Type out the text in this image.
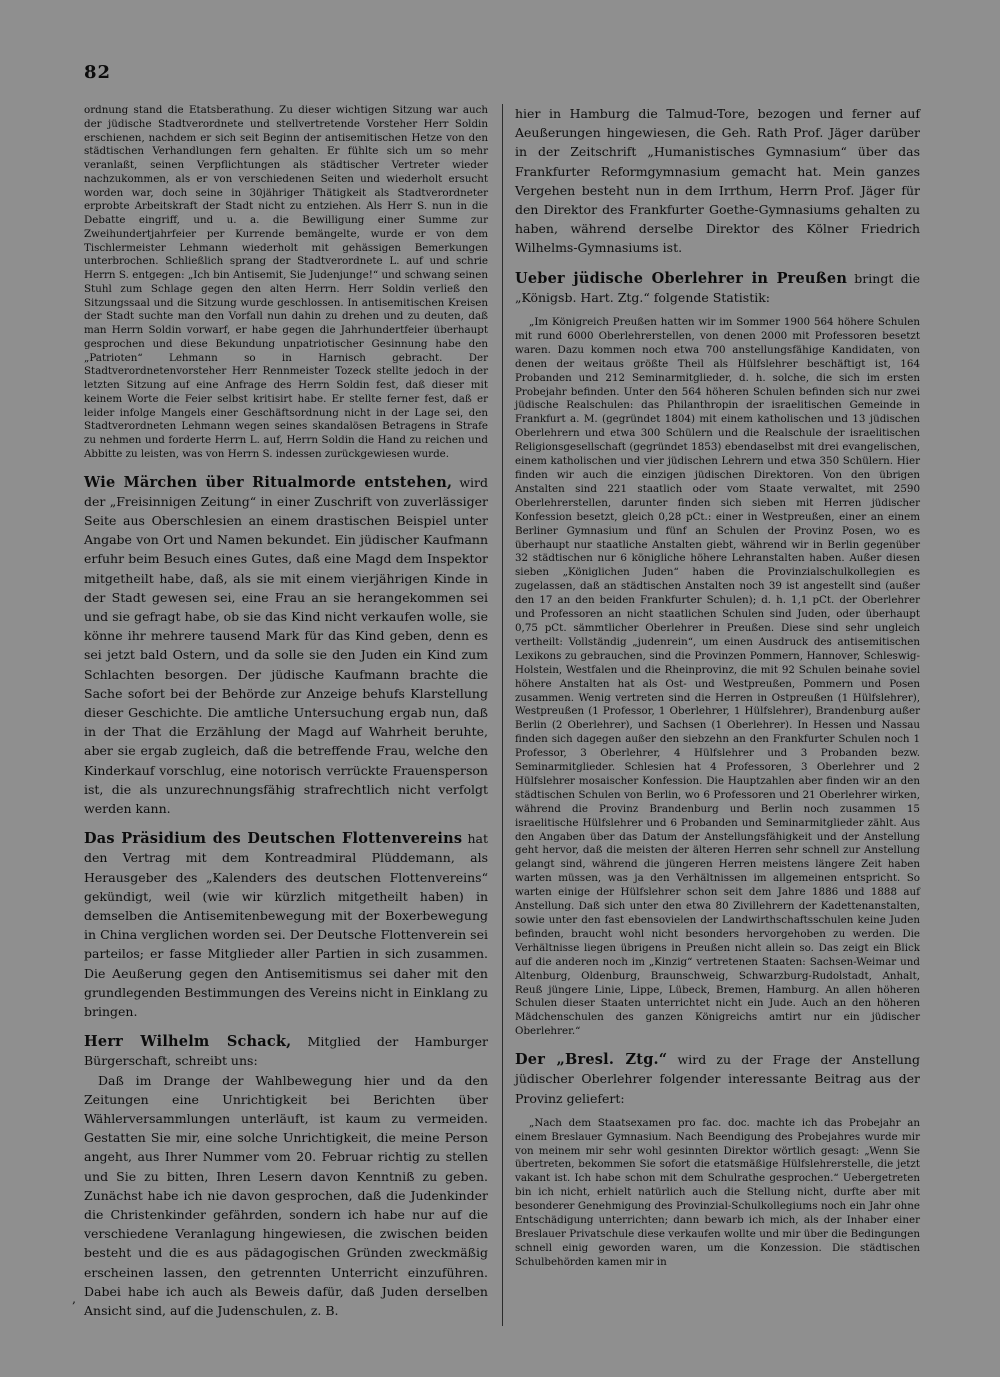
82

ordnung stand die Etatsberathung. Zu dieser wichtigen Sitzung war auch der jüdische Stadtverordnete und stellvertretende Vorsteher Herr Soldin erschienen, nachdem er sich seit Beginn der antisemitischen Hetze von den städtischen Verhandlungen fern gehalten. Er fühlte sich um so mehr veranlaßt, seinen Verpflichtungen als städtischer Vertreter wieder nachzukommen, als er von verschiedenen Seiten und wiederholt ersucht worden war, doch seine in 30jähriger Thätigkeit als Stadtverordneter erprobte Arbeitskraft der Stadt nicht zu entziehen. Als Herr S. nun in die Debatte eingriff, und u. a. die Bewilligung einer Summe zur Zweihundertjahrfeier per Kurrende bemängelte, wurde er von dem Tischlermeister Lehmann wiederholt mit gehässigen Bemerkungen unterbrochen. Schließlich sprang der Stadtverordnete L. auf und schrie Herrn S. entgegen: „Ich bin Antisemit, Sie Judenjunge!“ und schwang seinen Stuhl zum Schlage gegen den alten Herrn. Herr Soldin verließ den Sitzungssaal und die Sitzung wurde geschlossen. In antisemitischen Kreisen der Stadt suchte man den Vorfall nun dahin zu drehen und zu deuten, daß man Herrn Soldin vorwarf, er habe gegen die Jahrhundertfeier überhaupt gesprochen und diese Bekundung unpatriotischer Gesinnung habe den „Patrioten“ Lehmann so in Harnisch gebracht. Der Stadtverordnetenvorsteher Herr Rennmeister Tozeck stellte jedoch in der letzten Sitzung auf eine Anfrage des Herrn Soldin fest, daß dieser mit keinem Worte die Feier selbst kritisirt habe. Er stellte ferner fest, daß er leider infolge Mangels einer Geschäftsordnung nicht in der Lage sei, den Stadtverordneten Lehmann wegen seines skandalösen Betragens in Strafe zu nehmen und forderte Herrn L. auf, Herrn Soldin die Hand zu reichen und Abbitte zu leisten, was von Herrn S. indessen zurückgewiesen wurde.

Wie Märchen über Ritualmorde entstehen, wird der „Freisinnigen Zeitung“ in einer Zuschrift von zuverlässiger Seite aus Oberschlesien an einem drastischen Beispiel unter Angabe von Ort und Namen bekundet. Ein jüdischer Kaufmann erfuhr beim Besuch eines Gutes, daß eine Magd dem Inspektor mitgetheilt habe, daß, als sie mit einem vierjährigen Kinde in der Stadt gewesen sei, eine Frau an sie herangekommen sei und sie gefragt habe, ob sie das Kind nicht verkaufen wolle, sie könne ihr mehrere tausend Mark für das Kind geben, denn es sei jetzt bald Ostern, und da solle sie den Juden ein Kind zum Schlachten besorgen. Der jüdische Kaufmann brachte die Sache sofort bei der Behörde zur Anzeige behufs Klarstellung dieser Geschichte. Die amtliche Untersuchung ergab nun, daß in der That die Erzählung der Magd auf Wahrheit beruhte, aber sie ergab zugleich, daß die betreffende Frau, welche den Kinderkauf vorschlug, eine notorisch verrückte Frauensperson ist, die als unzurechnungsfähig strafrechtlich nicht verfolgt werden kann.

Das Präsidium des Deutschen Flottenvereins hat den Vertrag mit dem Kontreadmiral Plüddemann, als Herausgeber des „Kalenders des deutschen Flottenvereins“ gekündigt, weil (wie wir kürzlich mitgetheilt haben) in demselben die Antisemitenbewegung mit der Boxerbewegung in China verglichen worden sei. Der Deutsche Flottenverein sei parteilos; er fasse Mitglieder aller Partien in sich zusammen. Die Aeußerung gegen den Antisemitismus sei daher mit den grundlegenden Bestimmungen des Vereins nicht in Einklang zu bringen.

Herr Wilhelm Schack, Mitglied der Hamburger Bürgerschaft, schreibt uns:

Daß im Drange der Wahlbewegung hier und da den Zeitungen eine Unrichtigkeit bei Berichten über Wählerversammlungen unterläuft, ist kaum zu vermeiden. Gestatten Sie mir, eine solche Unrichtigkeit, die meine Person angeht, aus Ihrer Nummer vom 20. Februar richtig zu stellen und Sie zu bitten, Ihren Lesern davon Kenntniß zu geben. Zunächst habe ich nie davon gesprochen, daß die Judenkinder die Christenkinder gefährden, sondern ich habe nur auf die verschiedene Veranlagung hingewiesen, die zwischen beiden besteht und die es aus pädagogischen Gründen zweckmäßig erscheinen lassen, den getrennten Unterricht einzuführen. Dabei habe ich auch als Beweis dafür, daß Juden derselben Ansicht sind, auf die Judenschulen, z. B.

hier in Hamburg die Talmud-Tore, bezogen und ferner auf Aeußerungen hingewiesen, die Geh. Rath Prof. Jäger darüber in der Zeitschrift „Humanistisches Gymnasium“ über das Frankfurter Reformgymnasium gemacht hat. Mein ganzes Vergehen besteht nun in dem Irrthum, Herrn Prof. Jäger für den Direktor des Frankfurter Goethe-Gymnasiums gehalten zu haben, während derselbe Direktor des Kölner Friedrich Wilhelms-Gymnasiums ist.

Ueber jüdische Oberlehrer in Preußen bringt die „Königsb. Hart. Ztg.“ folgende Statistik:

„Im Königreich Preußen hatten wir im Sommer 1900 564 höhere Schulen mit rund 6000 Oberlehrerstellen, von denen 2000 mit Professoren besetzt waren. Dazu kommen noch etwa 700 anstellungsfähige Kandidaten, von denen der weitaus größte Theil als Hülfslehrer beschäftigt ist, 164 Probanden und 212 Seminarmitglieder, d. h. solche, die sich im ersten Probejahr befinden. Unter den 564 höheren Schulen befinden sich nur zwei jüdische Realschulen: das Philanthropin der israelitischen Gemeinde in Frankfurt a. M. (gegründet 1804) mit einem katholischen und 13 jüdischen Oberlehrern und etwa 300 Schülern und die Realschule der israelitischen Religionsgesellschaft (gegründet 1853) ebendaselbst mit drei evangelischen, einem katholischen und vier jüdischen Lehrern und etwa 350 Schülern. Hier finden wir auch die einzigen jüdischen Direktoren. Von den übrigen Anstalten sind 221 staatlich oder vom Staate verwaltet, mit 2590 Oberlehrerstellen, darunter finden sich sieben mit Herren jüdischer Konfession besetzt, gleich 0,28 pCt.: einer in Westpreußen, einer an einem Berliner Gymnasium und fünf an Schulen der Provinz Posen, wo es überhaupt nur staatliche Anstalten giebt, während wir in Berlin gegenüber 32 städtischen nur 6 königliche höhere Lehranstalten haben. Außer diesen sieben „Königlichen Juden“ haben die Provinzialschulkollegien es zugelassen, daß an städtischen Anstalten noch 39 ist angestellt sind (außer den 17 an den beiden Frankfurter Schulen); d. h. 1,1 pCt. der Oberlehrer und Professoren an nicht staatlichen Schulen sind Juden, oder überhaupt 0,75 pCt. sämmtlicher Oberlehrer in Preußen. Diese sind sehr ungleich vertheilt: Vollständig „judenrein“, um einen Ausdruck des antisemitischen Lexikons zu gebrauchen, sind die Provinzen Pommern, Hannover, Schleswig-Holstein, Westfalen und die Rheinprovinz, die mit 92 Schulen beinahe soviel höhere Anstalten hat als Ost- und Westpreußen, Pommern und Posen zusammen. Wenig vertreten sind die Herren in Ostpreußen (1 Hülfslehrer), Westpreußen (1 Professor, 1 Oberlehrer, 1 Hülfslehrer), Brandenburg außer Berlin (2 Oberlehrer), und Sachsen (1 Oberlehrer). In Hessen und Nassau finden sich dagegen außer den siebzehn an den Frankfurter Schulen noch 1 Professor, 3 Oberlehrer, 4 Hülfslehrer und 3 Probanden bezw. Seminarmitglieder. Schlesien hat 4 Professoren, 3 Oberlehrer und 2 Hülfslehrer mosaischer Konfession. Die Hauptzahlen aber finden wir an den städtischen Schulen von Berlin, wo 6 Professoren und 21 Oberlehrer wirken, während die Provinz Brandenburg und Berlin noch zusammen 15 israelitische Hülfslehrer und 6 Probanden und Seminarmitglieder zählt. Aus den Angaben über das Datum der Anstellungsfähigkeit und der Anstellung geht hervor, daß die meisten der älteren Herren sehr schnell zur Anstellung gelangt sind, während die jüngeren Herren meistens längere Zeit haben warten müssen, was ja den Verhältnissen im allgemeinen entspricht. So warten einige der Hülfslehrer schon seit dem Jahre 1886 und 1888 auf Anstellung. Daß sich unter den etwa 80 Zivillehrern der Kadettenanstalten, sowie unter den fast ebensovielen der Landwirthschaftsschulen keine Juden befinden, braucht wohl nicht besonders hervorgehoben zu werden. Die Verhältnisse liegen übrigens in Preußen nicht allein so. Das zeigt ein Blick auf die anderen noch im „Kinzig“ vertretenen Staaten: Sachsen-Weimar und Altenburg, Oldenburg, Braunschweig, Schwarzburg-Rudolstadt, Anhalt, Reuß jüngere Linie, Lippe, Lübeck, Bremen, Hamburg. An allen höheren Schulen dieser Staaten unterrichtet nicht ein Jude. Auch an den höheren Mädchenschulen des ganzen Königreichs amtirt nur ein jüdischer Oberlehrer.“

Der „Bresl. Ztg.“ wird zu der Frage der Anstellung jüdischer Oberlehrer folgender interessante Beitrag aus der Provinz geliefert:

„Nach dem Staatsexamen pro fac. doc. machte ich das Probejahr an einem Breslauer Gymnasium. Nach Beendigung des Probejahres wurde mir von meinem mir sehr wohl gesinnten Direktor wörtlich gesagt: „Wenn Sie übertreten, bekommen Sie sofort die etatsmäßige Hülfslehrerstelle, die jetzt vakant ist. Ich habe schon mit dem Schulrathe gesprochen.“ Uebergetreten bin ich nicht, erhielt natürlich auch die Stellung nicht, durfte aber mit besonderer Genehmigung des Provinzial-Schulkollegiums noch ein Jahr ohne Entschädigung unterrichten; dann bewarb ich mich, als der Inhaber einer Breslauer Privatschule diese verkaufen wollte und mir über die Bedingungen schnell einig geworden waren, um die Konzession. Die städtischen Schulbehörden kamen mir in

‚
